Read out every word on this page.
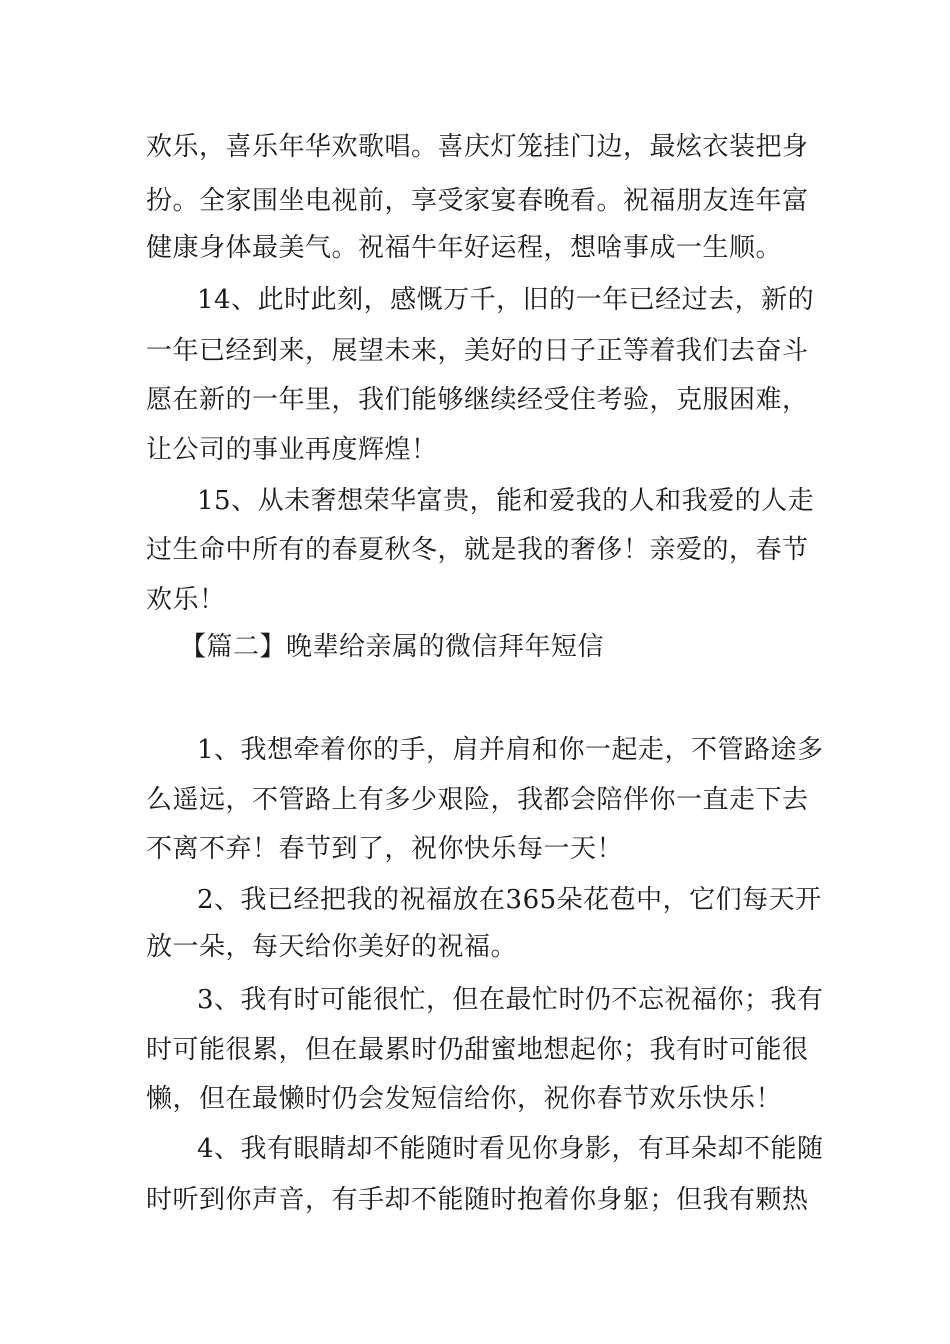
欢乐，喜乐年华欢歌唱。喜庆灯笼挂门边，最炫衣装把身
扮。全家围坐电视前，享受家宴春晚看。祝福朋友连年富
健康身体最美气。祝福牛年好运程，想啥事成一生顺。
14、此时此刻，感慨万千，旧的一年已经过去，新的
一年已经到来，展望未来，美好的日子正等着我们去奋斗
愿在新的一年里，我们能够继续经受住考验，克服困难，
让公司的事业再度辉煌！
15、从未奢想荣华富贵，能和爱我的人和我爱的人走
过生命中所有的春夏秋冬，就是我的奢侈！亲爱的，春节
欢乐！
【篇二】晚辈给亲属的微信拜年短信
1、我想牵着你的手，肩并肩和你一起走，不管路途多
么遥远，不管路上有多少艰险，我都会陪伴你一直走下去
不离不弃！春节到了，祝你快乐每一天！
2、我已经把我的祝福放在365朵花苞中，它们每天开
放一朵，每天给你美好的祝福。
3、我有时可能很忙，但在最忙时仍不忘祝福你；我有
时可能很累，但在最累时仍甜蜜地想起你；我有时可能很
懒，但在最懒时仍会发短信给你，祝你春节欢乐快乐！
4、我有眼睛却不能随时看见你身影，有耳朵却不能随
时听到你声音，有手却不能随时抱着你身躯；但我有颗热
